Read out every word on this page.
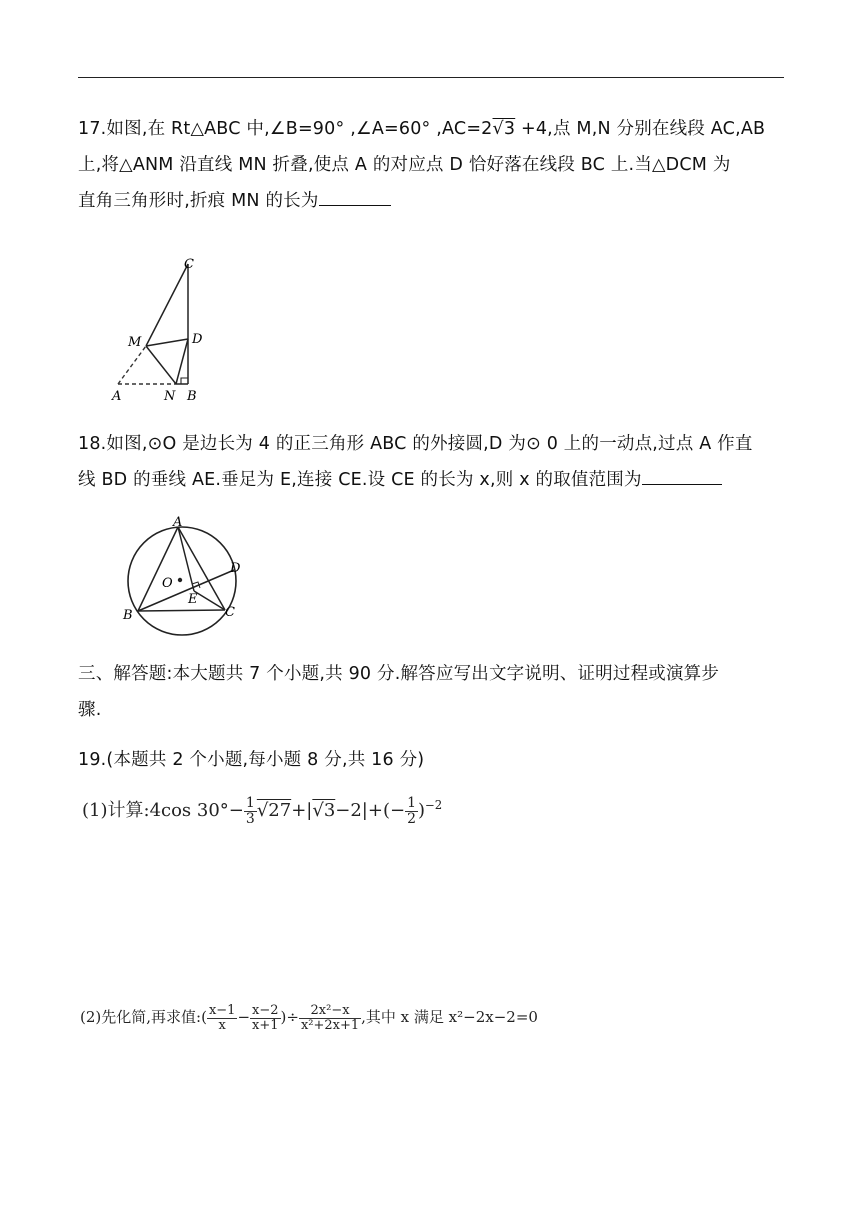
17.如图,在 Rt△ABC 中,∠B=90° ,∠A=60° ,AC=2√3 +4,点 M,N 分别在线段 AC,AB
上,将△ANM 沿直线 MN 折叠,使点 A 的对应点 D 恰好落在线段 BC 上.当△DCM 为
直角三角形时,折痕 MN 的长为
C
M	D
A	N B
18.如图,⊙O 是边长为 4 的正三角形 ABC 的外接圆,D 为⊙ 0 上的一动点,过点 A 作直
线 BD 的垂线 AE.垂足为 E,连接 CE.设 CE 的长为 x,则 x 的取值范围为
A
O
D
E
B	C
三、解答题:本大题共 7 个小题,共 90 分.解答应写出文字说明、证明过程或演算步
骤.
19.(本题共 2 个小题,每小题 8 分,共 16 分)
(1)计算:4cos $30^\circ- \frac{1}{3} √27+|√3-2|+(- \frac{1}{2} )^{-2}$
(2)先化简,再求值:( $\frac{x-1}{x} - \frac{x-2}{x+1}$ )÷ $\frac{\text{2x²−x}}{\text{x²+2x+1}}$ ,其中 x 满足 x²−2x−2=0
